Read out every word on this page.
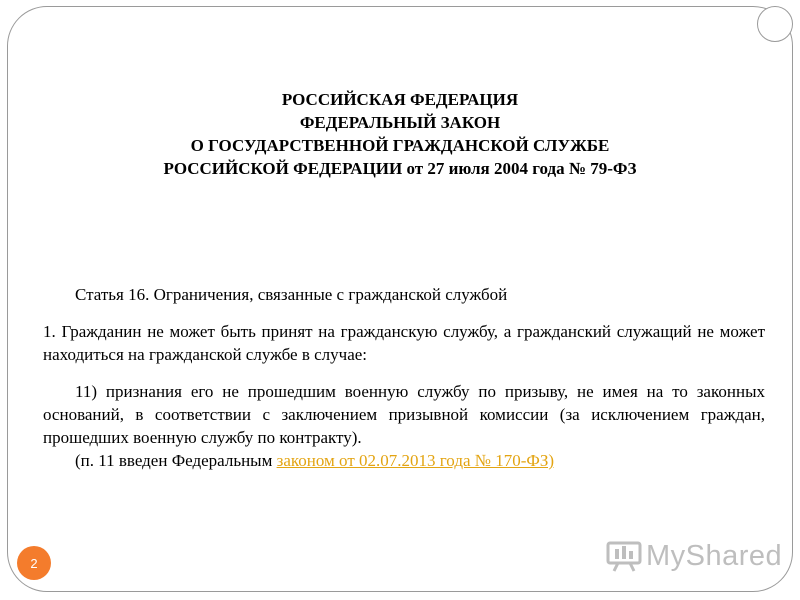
РОССИЙСКАЯ ФЕДЕРАЦИЯ
ФЕДЕРАЛЬНЫЙ ЗАКОН
О ГОСУДАРСТВЕННОЙ ГРАЖДАНСКОЙ СЛУЖБЕ
РОССИЙСКОЙ ФЕДЕРАЦИИ от 27 июля 2004 года № 79-ФЗ

Статья 16. Ограничения, связанные с гражданской службой

1. Гражданин не может быть принят на гражданскую службу, а гражданский служащий не может находиться на гражданской службе в случае:

11) признания его не прошедшим военную службу по призыву, не имея на то законных оснований, в соответствии с заключением призывной комиссии (за исключением граждан, прошедших военную службу по контракту).

(п. 11 введен Федеральным законом от 02.07.2013 года № 170-ФЗ)

2	MyShared
